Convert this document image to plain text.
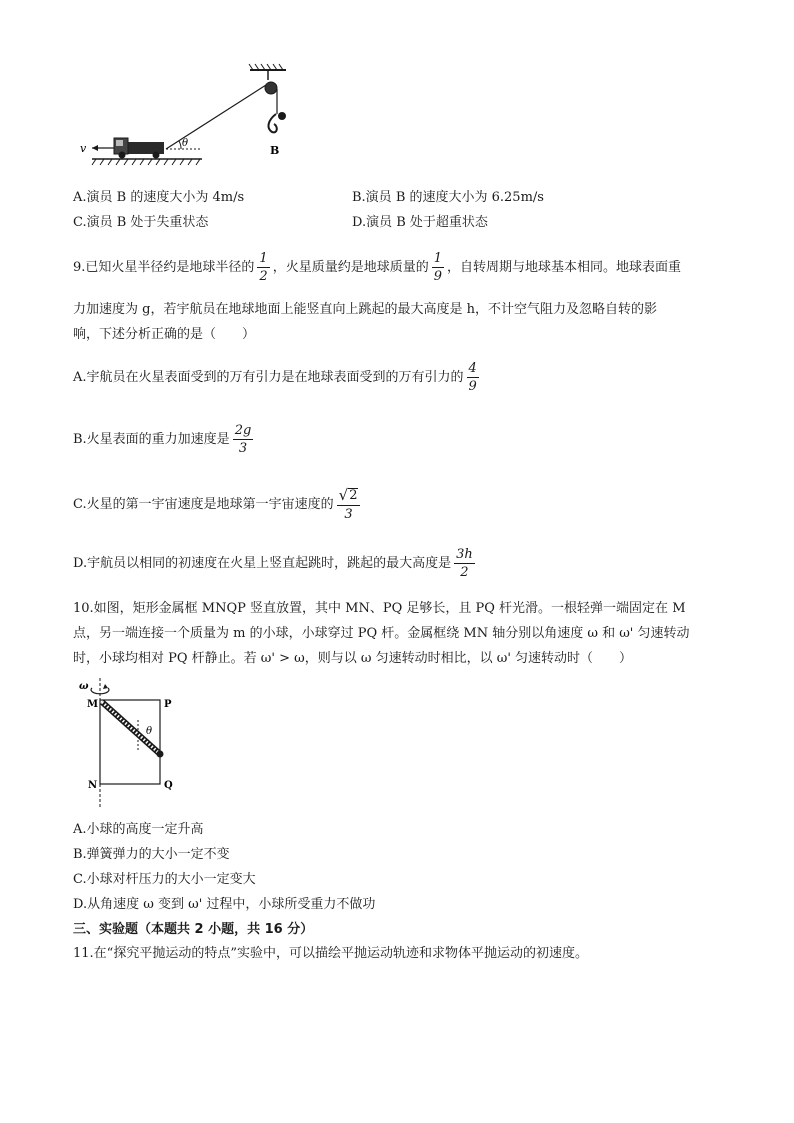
B
θ
v
A.演员 B 的速度大小为 4m/s	B.演员 B 的速度大小为 6.25m/s
C.演员 B 处于失重状态	D.演员 B 处于超重状态
9.已知火星半径约是地球半径的 $\frac{1}{2}$ ，火星质量约是地球质量的 $\frac{1}{9}$ ，自转周期与地球基本相同。地球表面重
力加速度为 g，若宇航员在地球地面上能竖直向上跳起的最大高度是 h，不计空气阻力及忽略自转的影
响，下述分析正确的是（　　）
A.宇航员在火星表面受到的万有引力是在地球表面受到的万有引力的 $\frac{4}{9}$
B.火星表面的重力加速度是 $\frac{2g}{3}$
C.火星的第一宇宙速度是地球第一宇宙速度的 $\frac{√ 2}{3}$
D.宇航员以相同的初速度在火星上竖直起跳时，跳起的最大高度是 $\frac{3h}{2}$
10.如图，矩形金属框 MNQP 竖直放置，其中 MN、PQ 足够长，且 PQ 杆光滑。一根轻弹一端固定在 M
点，另一端连接一个质量为 m 的小球，小球穿过 PQ 杆。金属框绕 MN 轴分别以角速度 ω 和 ω' 匀速转动
时，小球均相对 PQ 杆静止。若 ω' > ω，则与以 ω 匀速转动时相比，以 ω' 匀速转动时（　　）
ω
M	P
N	Q
θ
A.小球的高度一定升高
B.弹簧弹力的大小一定不变
C.小球对杆压力的大小一定变大
D.从角速度 ω 变到 ω' 过程中，小球所受重力不做功
三、实验题（本题共 2 小题，共 16 分）
11.在“探究平抛运动的特点”实验中，可以描绘平抛运动轨迹和求物体平抛运动的初速度。
